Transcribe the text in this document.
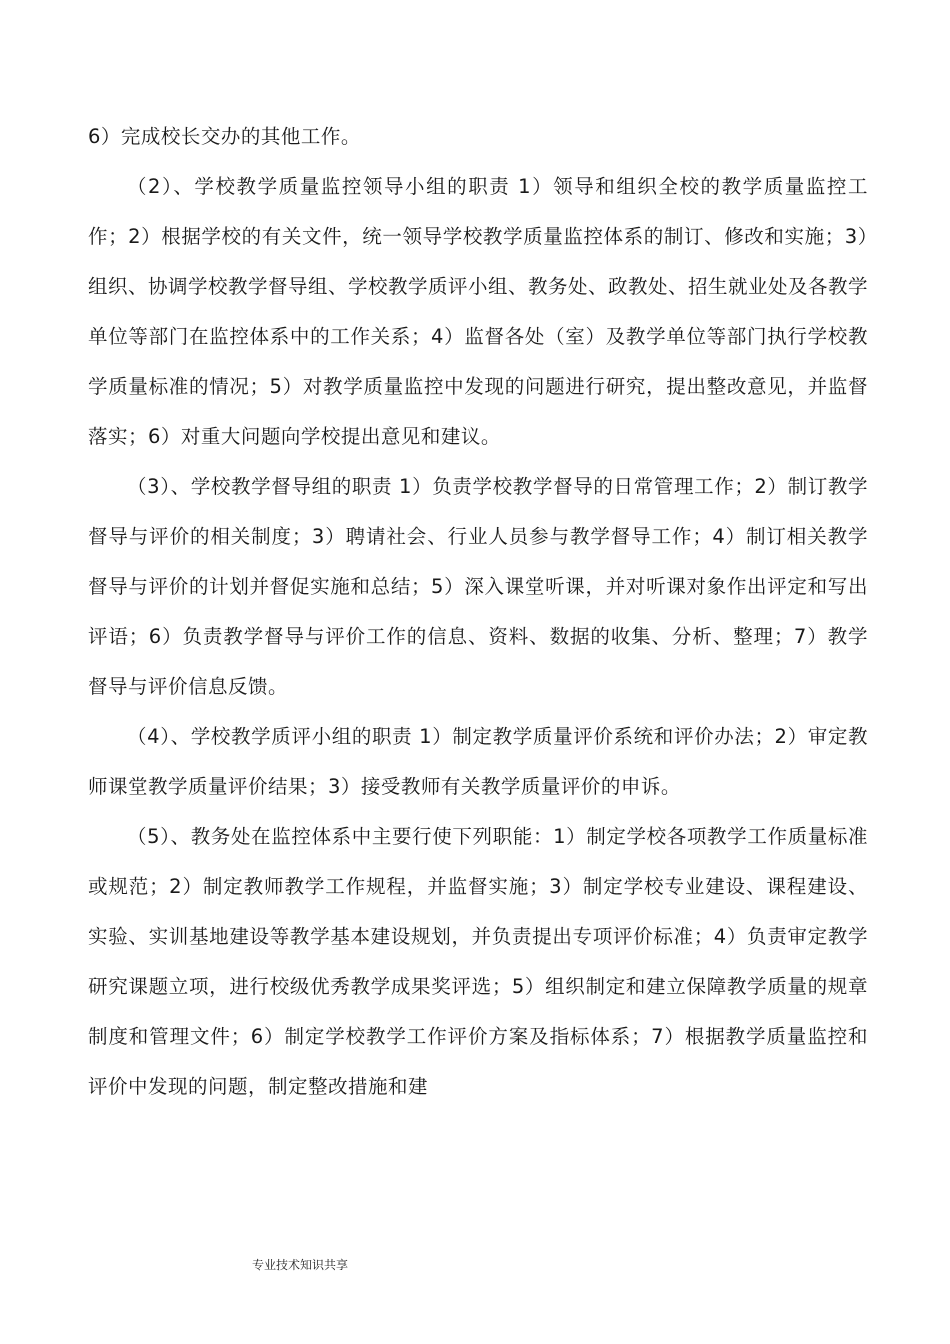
6）完成校长交办的其他工作。

（2）、学校教学质量监控领导小组的职责 1）领导和组织全校的教学质量监控工作；2）根据学校的有关文件，统一领导学校教学质量监控体系的制订、修改和实施；3）组织、协调学校教学督导组、学校教学质评小组、教务处、政教处、招生就业处及各教学单位等部门在监控体系中的工作关系；4）监督各处（室）及教学单位等部门执行学校教学质量标准的情况；5）对教学质量监控中发现的问题进行研究，提出整改意见，并监督落实；6）对重大问题向学校提出意见和建议。

（3）、学校教学督导组的职责 1）负责学校教学督导的日常管理工作；2）制订教学督导与评价的相关制度；3）聘请社会、行业人员参与教学督导工作；4）制订相关教学督导与评价的计划并督促实施和总结；5）深入课堂听课，并对听课对象作出评定和写出评语；6）负责教学督导与评价工作的信息、资料、数据的收集、分析、整理；7）教学督导与评价信息反馈。

（4）、学校教学质评小组的职责 1）制定教学质量评价系统和评价办法；2）审定教师课堂教学质量评价结果；3）接受教师有关教学质量评价的申诉。

（5）、教务处在监控体系中主要行使下列职能：1）制定学校各项教学工作质量标准或规范；2）制定教师教学工作规程，并监督实施；3）制定学校专业建设、课程建设、实验、实训基地建设等教学基本建设规划，并负责提出专项评价标准；4）负责审定教学研究课题立项，进行校级优秀教学成果奖评选；5）组织制定和建立保障教学质量的规章制度和管理文件；6）制定学校教学工作评价方案及指标体系；7）根据教学质量监控和评价中发现的问题，制定整改措施和建

专业技术知识共享
